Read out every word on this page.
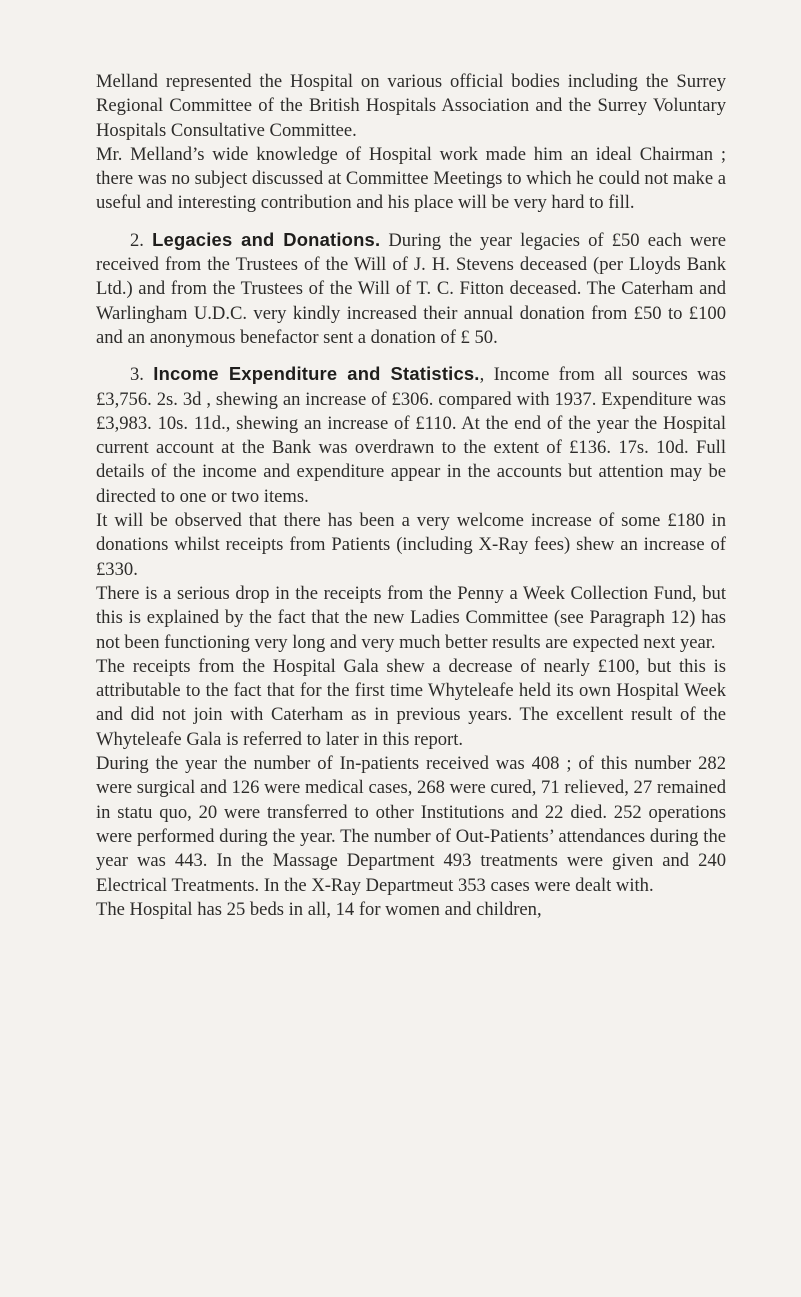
Melland represented the Hospital on various official bodies including the Surrey Regional Committee of the British Hospitals Association and the Surrey Voluntary Hospitals Consultative Committee.

Mr. Melland’s wide knowledge of Hospital work made him an ideal Chairman ; there was no subject discussed at Committee Meetings to which he could not make a useful and interesting contribution and his place will be very hard to fill.

2. Legacies and Donations. During the year legacies of £50 each were received from the Trustees of the Will of J. H. Stevens deceased (per Lloyds Bank Ltd.) and from the Trustees of the Will of T. C. Fitton deceased. The Caterham and Warlingham U.D.C. very kindly increased their annual donation from £50 to £100 and an anonymous benefactor sent a donation of £ 50.

3. Income Expenditure and Statistics., Income from all sources was £3,756. 2s. 3d , shewing an increase of £306. compared with 1937. Expenditure was £3,983. 10s. 11d., shewing an increase of £110. At the end of the year the Hospital current account at the Bank was overdrawn to the extent of £136. 17s. 10d. Full details of the income and expenditure appear in the accounts but attention may be directed to one or two items.

It will be observed that there has been a very welcome increase of some £180 in donations whilst receipts from Patients (including X-Ray fees) shew an increase of £330.

There is a serious drop in the receipts from the Penny a Week Collection Fund, but this is explained by the fact that the new Ladies Committee (see Paragraph 12) has not been functioning very long and very much better results are expected next year.

The receipts from the Hospital Gala shew a decrease of nearly £100, but this is attributable to the fact that for the first time Whyteleafe held its own Hospital Week and did not join with Caterham as in previous years. The excellent result of the Whyteleafe Gala is referred to later in this report.

During the year the number of In-patients received was 408 ; of this number 282 were surgical and 126 were medical cases, 268 were cured, 71 relieved, 27 remained in statu quo, 20 were transferred to other Institutions and 22 died. 252 operations were performed during the year. The number of Out-Patients’ attendances during the year was 443. In the Massage Department 493 treatments were given and 240 Electrical Treatments. In the X-Ray Departmeut 353 cases were dealt with.

The Hospital has 25 beds in all, 14 for women and children,
